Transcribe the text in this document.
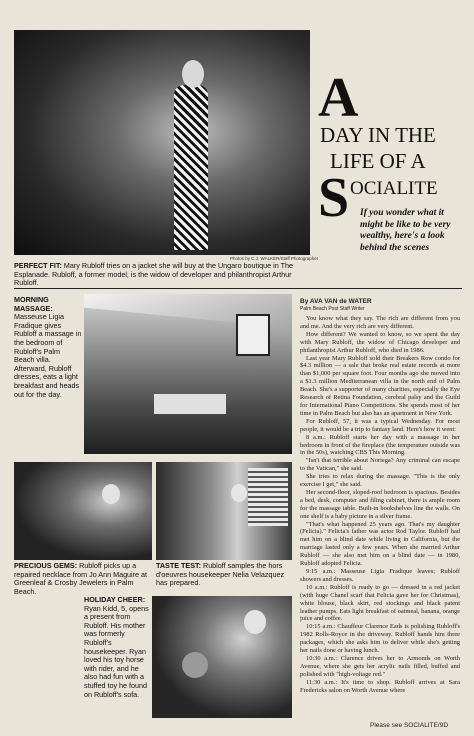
Photos by C.J. WALKER/Staff Photographer
PERFECT FIT: Mary Rubloff tries on a jacket she will buy at the Ungaro boutique in The Esplanade. Rubloff, a former model, is the widow of developer and philanthropist Arthur Rubloff.
A
DAY IN THE
LIFE OF A
S OCIALITE
If you wonder what it might be like to be very wealthy, here's a look behind the scenes
MORNING MASSAGE: Masseuse Ligia Fradique gives Rubloff a massage in the bedroom of Rubloff's Palm Beach villa. Afterward, Rubloff dresses, eats a light breakfast and heads out for the day.
By AVA VAN de WATER
Palm Beach Post Staff Writer

You know what they say. The rich are different from you and me. And the very rich are very different.

How different? We wanted to know, so we spent the day with Mary Rubloff, the widow of Chicago developer and philanthropist Arthur Rubloff, who died in 1986.

Last year Mary Rubloff sold their Breakers Row condo for $4.3 million — a sale that broke real estate records at more than $1,000 per square foot. Four months ago she moved into a $1.3 million Mediterranean villa in the north end of Palm Beach. She's a supporter of many charities, especially the Eye Research of Retina Foundation, cerebral palsy and the Guild for International Piano Competitions. She spends most of her time in Palm Beach but also has an apartment in New York.

For Rubloff, 57, it was a typical Wednesday. For most people, it would be a trip to fantasy land. Here's how it went:

8 a.m.: Rubloff starts her day with a massage in her bedroom in front of the fireplace (the temperature outside was in the 50s), watching CBS This Morning.

"Isn't that terrible about Noriega? Any criminal can escape to the Vatican," she said.

She tries to relax during the massage. "This is the only exercise I get," she said.

Her second-floor, sloped-roof bedroom is spacious. Besides a bed, desk, computer and filing cabinet, there is ample room for the massage table. Built-in bookshelves line the walls. On one shelf is a baby picture in a silver frame.

"That's what happened 25 years ago. That's my daughter (Felicia)." Felicia's father was actor Rod Taylor. Rubloff had met him on a blind date while living in California, but the marriage lasted only a few years. When she married Arthur Rubloff — she also met him on a blind date — in 1980, Rubloff adopted Felicia.

9:15 a.m.: Masseuse Ligia Fradique leaves; Rubloff showers and dresses.

10 a.m.: Rubloff is ready to go — dressed in a red jacket (with huge Chanel scarf that Felicia gave her for Christmas), white blouse, black skirt, red stockings and black patent leather pumps. Eats light breakfast of oatmeal, banana, orange juice and coffee.

10:15 a.m.: Chauffeur Clarence Eads is polishing Rubloff's 1982 Rolls-Royce in the driveway. Rubloff hands him three packages, which she asks him to deliver while she's getting her nails done or having lunch.

10:30 a.m.: Clarence drives her to Armonds on Worth Avenue, where she gets her acrylic nails filled, buffed and polished with "high-voltage red."

11:30 a.m.: It's time to shop. Rubloff arrives at Sara Fredericks salon on Worth Avenue where

PRECIOUS GEMS: Rubloff picks up a repaired necklace from Jo Ann Maguire at Greenleaf & Crosby Jewelers in Palm Beach.
TASTE TEST: Rubloff samples the hors d'oeuvres housekeeper Nelia Velazquez has prepared.
HOLIDAY CHEER: Ryan Kidd, 5, opens a present from Rubloff. His mother was formerly Rubloff's housekeeper. Ryan loved his toy horse with rider, and he also had fun with a stuffed toy he found on Rubloff's sofa.
Please see SOCIALITE/9D
